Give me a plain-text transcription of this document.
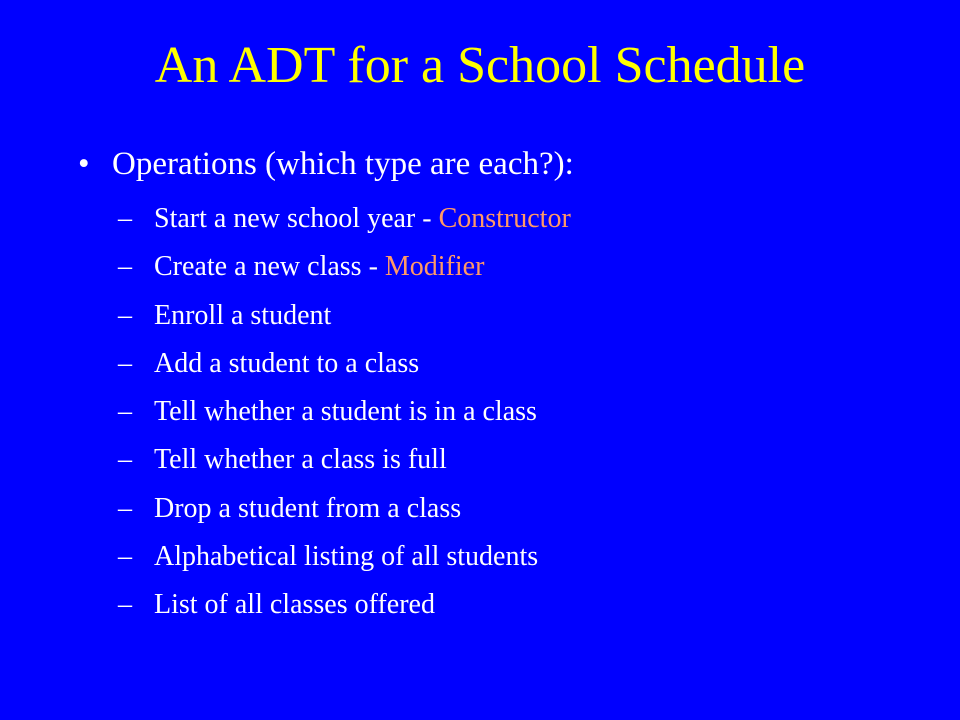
An ADT for a School Schedule
• Operations (which type are each?):
– Start a new school year - Constructor
– Create a new class - Modifier
– Enroll a student
– Add a student to a class
– Tell whether a student is in a class
– Tell whether a class is full
– Drop a student from a class
– Alphabetical listing of all students
– List of all classes offered
